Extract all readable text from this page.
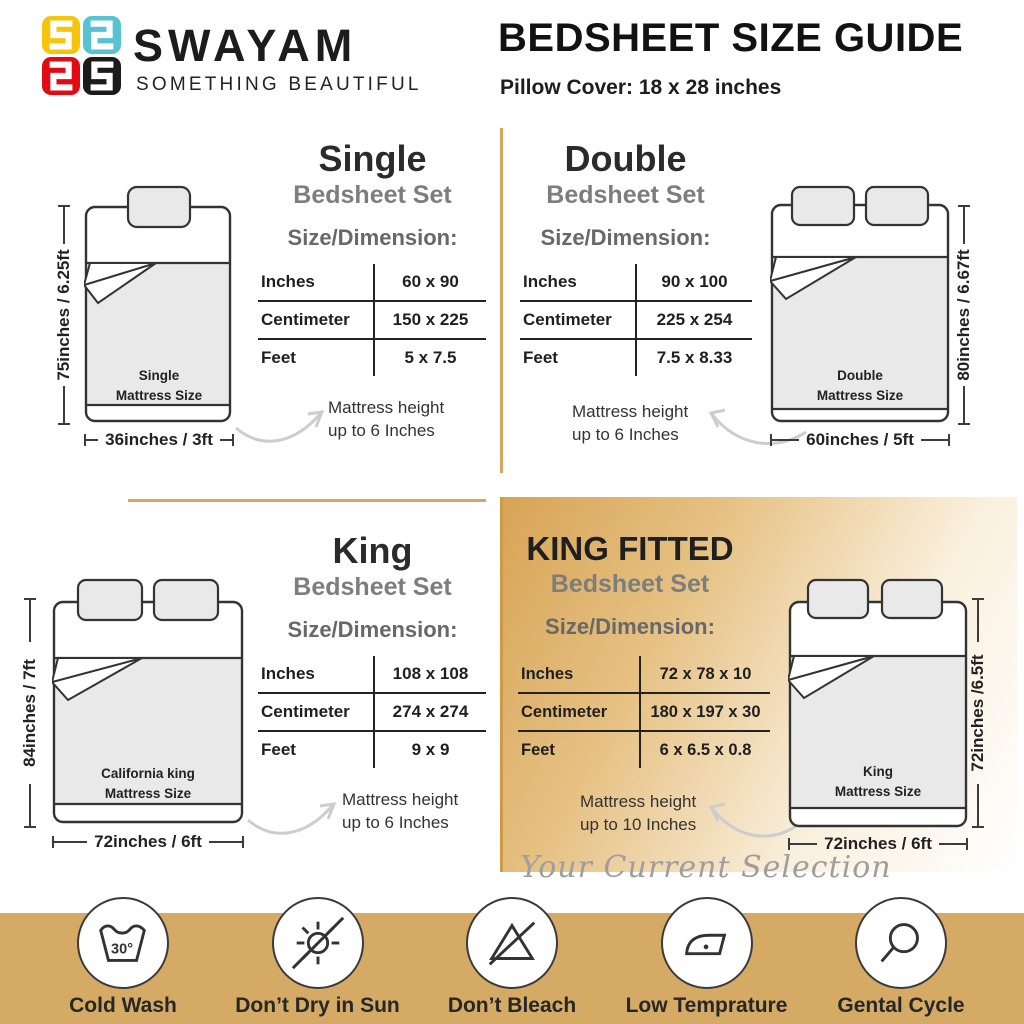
SWAYAM
SOMETHING BEAUTIFUL
BEDSHEET SIZE GUIDE
Pillow Cover: 18 x 28 inches
75inches / 6.25ft	Single
Mattress Size
36inches / 3ft
Single
Bedsheet Set
Size/Dimension:
Inches	60 x 90
Centimeter	150 x 225
Feet	5 x 7.5
Mattress height
up to 6 Inches
Double
Bedsheet Set
Size/Dimension:
Inches	90 x 100
Centimeter	225 x 254
Feet	7.5 x 8.33
Mattress height
up to 6 Inches
Double
Mattress Size
80inches / 6.67ft
60inches / 5ft
84inches / 7ft
California king
Mattress Size
72inches / 6ft
King
Bedsheet Set
Size/Dimension:
Inches	108 x 108
Centimeter	274 x 274
Feet	9 x 9
Mattress height
up to 6 Inches
KING FITTED
Bedsheet Set
Size/Dimension:
Inches	72 x 78 x 10
Centimeter	180 x 197 x 30
Feet	6 x 6.5 x 0.8
Mattress height
up to 10 Inches
King
Mattress Size
72inches /6.5ft
72inches / 6ft
Your Current Selection
30°
Cold Wash	Don’t Dry in Sun Don’t Bleach Low Temprature Gental Cycle
